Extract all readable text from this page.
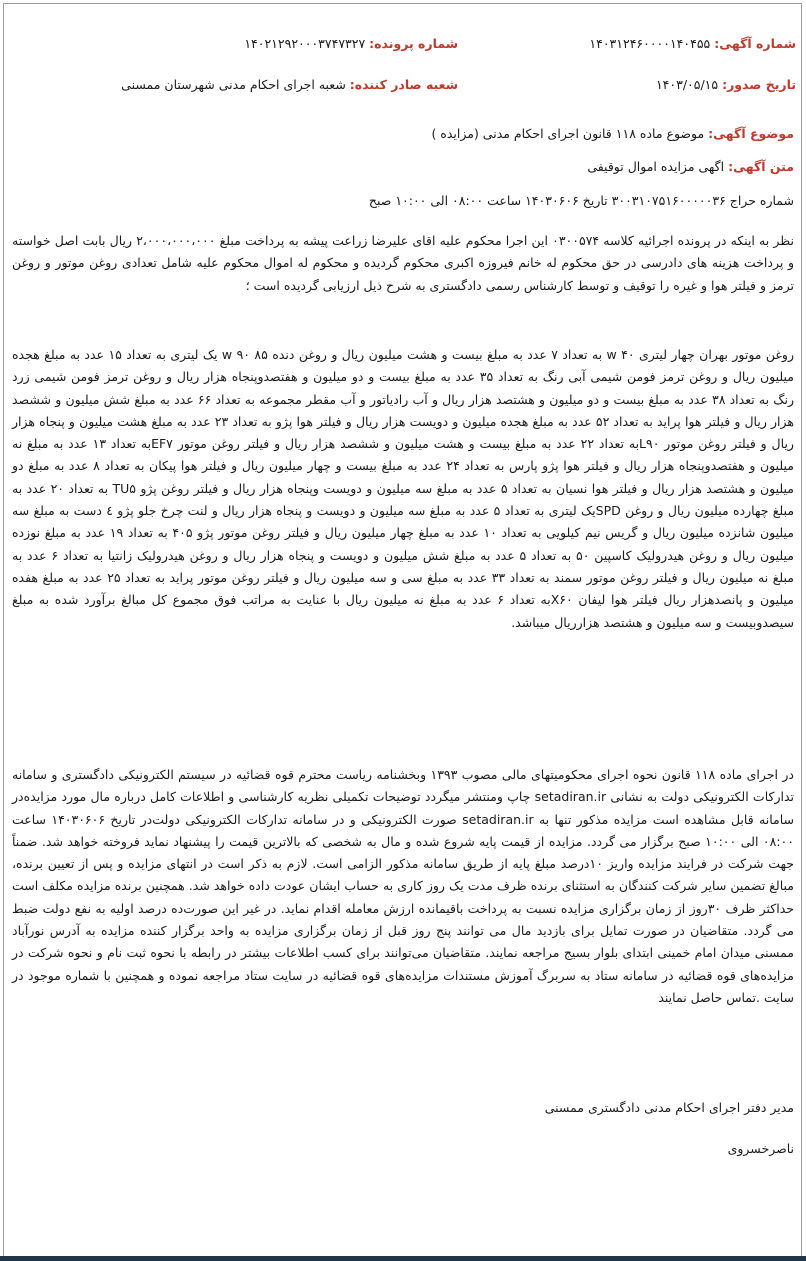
شماره آگهی: ۱۴۰۳۱۲۴۶۰۰۰۰۱۴۰۴۵۵
شماره پرونده: ۱۴۰۲۱۲۹۲۰۰۰۳۷۴۷۳۲۷
تاریخ صدور: ۱۴۰۳/۰۵/۱۵
شعبه صادر کننده: شعبه اجرای احکام مدنی شهرستان ممسنی
موضوع آگهی: موضوع ماده ۱۱۸ قانون اجرای احکام مدنی (مزایده )
متن آگهی: اگهی مزایده اموال توقیفی
شماره حراج ۳۰۰۳۱۰۷۵۱۶۰۰۰۰۰۳۶ تاریخ ۱۴۰۳۰۶۰۶ ساعت ۰۸:۰۰ الی ۱۰:۰۰ صبح
نظر به اینکه در پرونده اجرائیه کلاسه ۰۳۰۰۵۷۴ این اجرا محکوم علیه اقای علیرضا زراعت پیشه به پرداخت مبلغ ۲،۰۰۰،۰۰۰،۰۰۰ ریال بابت اصل خواسته و پرداخت هزینه های دادرسی در حق محکوم له خانم فیروزه اکبری محکوم گردیده و محکوم له اموال محکوم علیه شامل تعدادی روغن موتور و روغن ترمز و فیلتر هوا و غیره را توقیف و توسط کارشناس رسمی دادگستری به شرح ذیل ارزیابی گردیده است ؛
روغن موتور بهران چهار لیتری ۴۰ w به تعداد ۷ عدد به مبلغ بیست و هشت میلیون ریال و روغن دنده ۸۵ ۹۰ w یک لیتری به تعداد ۱۵ عدد به مبلغ هجده میلیون ریال و روغن ترمز فومن شیمی آبی رنگ به تعداد ۳۵ عدد به مبلغ بیست و دو میلیون و هفتصدوپنجاه هزار ریال و روغن ترمز فومن شیمی زرد رنگ به تعداد ۳۸ عدد به مبلغ بیست و دو میلیون و هشتصد هزار ریال و آب رادیاتور و آب مقطر مجموعه به تعداد ۶۶ عدد به مبلغ شش میلیون و ششصد هزار ریال و فیلتر هوا پراید به تعداد ۵۲ عدد به مبلغ هجده میلیون و دویست هزار ریال و فیلتر هوا پژو به تعداد ۲۳ عدد به مبلغ هشت میلیون و پنجاه هزار ریال و فیلتر روغن موتور L۹۰به تعداد ۲۲ عدد به مبلغ بیست و هشت میلیون و ششصد هزار ریال و فیلتر روغن موتور EF۷به تعداد ۱۳ عدد به مبلغ نه میلیون و هفتصدوپنجاه هزار ریال و فیلتر هوا پژو پارس به تعداد ۲۴ عدد به مبلغ بیست و چهار میلیون ریال و فیلتر هوا پیکان به تعداد ۸ عدد به مبلغ دو میلیون و هشتصد هزار ریال و فیلتر هوا نسیان به تعداد ۵ عدد به مبلغ سه میلیون و دویست وپنجاه هزار ریال و فیلتر روغن پژو TU۵ به تعداد ۲۰ عدد به مبلغ چهارده میلیون ریال و روغن SPDیک لیتری به تعداد ۵ عدد به مبلغ سه میلیون و دویست و پنجاه هزار ریال و لنت چرخ جلو پژو ٤ دست به مبلغ سه میلیون شانزده میلیون ریال و گریس نیم کیلویی به تعداد ۱۰ عدد به مبلغ چهار میلیون ریال و فیلتر روغن موتور پژو ۴۰۵ به تعداد ۱۹ عدد به مبلغ نوزده میلیون ریال و روغن هیدرولیک کاسپین ۵۰ به تعداد ۵ عدد به مبلغ شش میلیون و دویست و پنجاه هزار ریال و روغن هیدرولیک زانتیا به تعداد ۶ عدد به مبلغ نه میلیون ریال و فیلتر روغن موتور سمند به تعداد ۳۳ عدد به مبلغ سی و سه میلیون ریال و فیلتر روغن موتور پراید به تعداد ۲۵ عدد به مبلغ هفده میلیون و پانصدهزار ریال فیلتر هوا لیفان X۶۰به تعداد ۶ عدد به مبلغ نه میلیون ریال با عنایت به مراتب فوق مجموع کل مبالغ برآورد شده به مبلغ سیصدوبیست و سه میلیون و هشتصد هزارریال میباشد.
در اجرای ماده ۱۱۸ قانون نحوه اجرای محکومیتهای مالی مصوب ۱۳۹۳ وبخشنامه ریاست محترم قوه قضائیه در سیستم الکترونیکی دادگستری و سامانه تدارکات الکترونیکی دولت به نشانی setadiran.ir چاپ ومنتشر میگردد توضیحات تکمیلی نظریه کارشناسی و اطلاعات کامل درباره مال مورد مزایده‌در سامانه قابل مشاهده است مزایده مذکور تنها به setadiran.ir صورت الکترونیکی و در سامانه تدارکات الکترونیکی دولت‌در تاریخ ۱۴۰۳۰۶۰۶ ساعت ۰۸:۰۰ الی ۱۰:۰۰ صبح برگزار می گردد. مزایده از قیمت پایه شروع شده و مال به شخصی که بالاترین قیمت را پیشنهاد نماید فروخته خواهد شد. ضمناً جهت شرکت در فرایند مزایده واریز ۱۰درصد مبلغ پایه از طریق سامانه مذکور الزامی است. لازم به ذکر است در انتهای مزایده و پس از تعیین برنده، مبالغ تضمین سایر شرکت کنندگان به استثنای برنده ظرف مدت یک روز کاری به حساب ایشان عودت داده خواهد شد. همچنین برنده مزایده مکلف است حداکثر ظرف ۳۰روز از زمان برگزاری مزایده نسبت به پرداخت باقیمانده ارزش معامله اقدام نماید. در غیر این صورت‌ده درصد اولیه به نفع دولت ضبط می گردد. متقاضیان در صورت تمایل برای بازدید مال می توانند پنج روز قبل از زمان برگزاری مزایده به واحد برگزار کننده مزایده به آدرس نورآباد ممسنی میدان امام خمینی ابتدای بلوار بسیج مراجعه نمایند. متقاضیان می‌توانند برای کسب اطلاعات بیشتر در رابطه با نحوه ثبت نام و نحوه شرکت در مزایده‌های قوه قضائیه در سامانه ستاد به سربرگ آموزش مستندات مزایده‌های قوه قضائیه در سایت ستاد مراجعه نموده و همچنین با شماره موجود در سایت .تماس حاصل نمایند
مدیر دفتر اجرای احکام مدنی دادگستری ممسنی
ناصرخسروی
